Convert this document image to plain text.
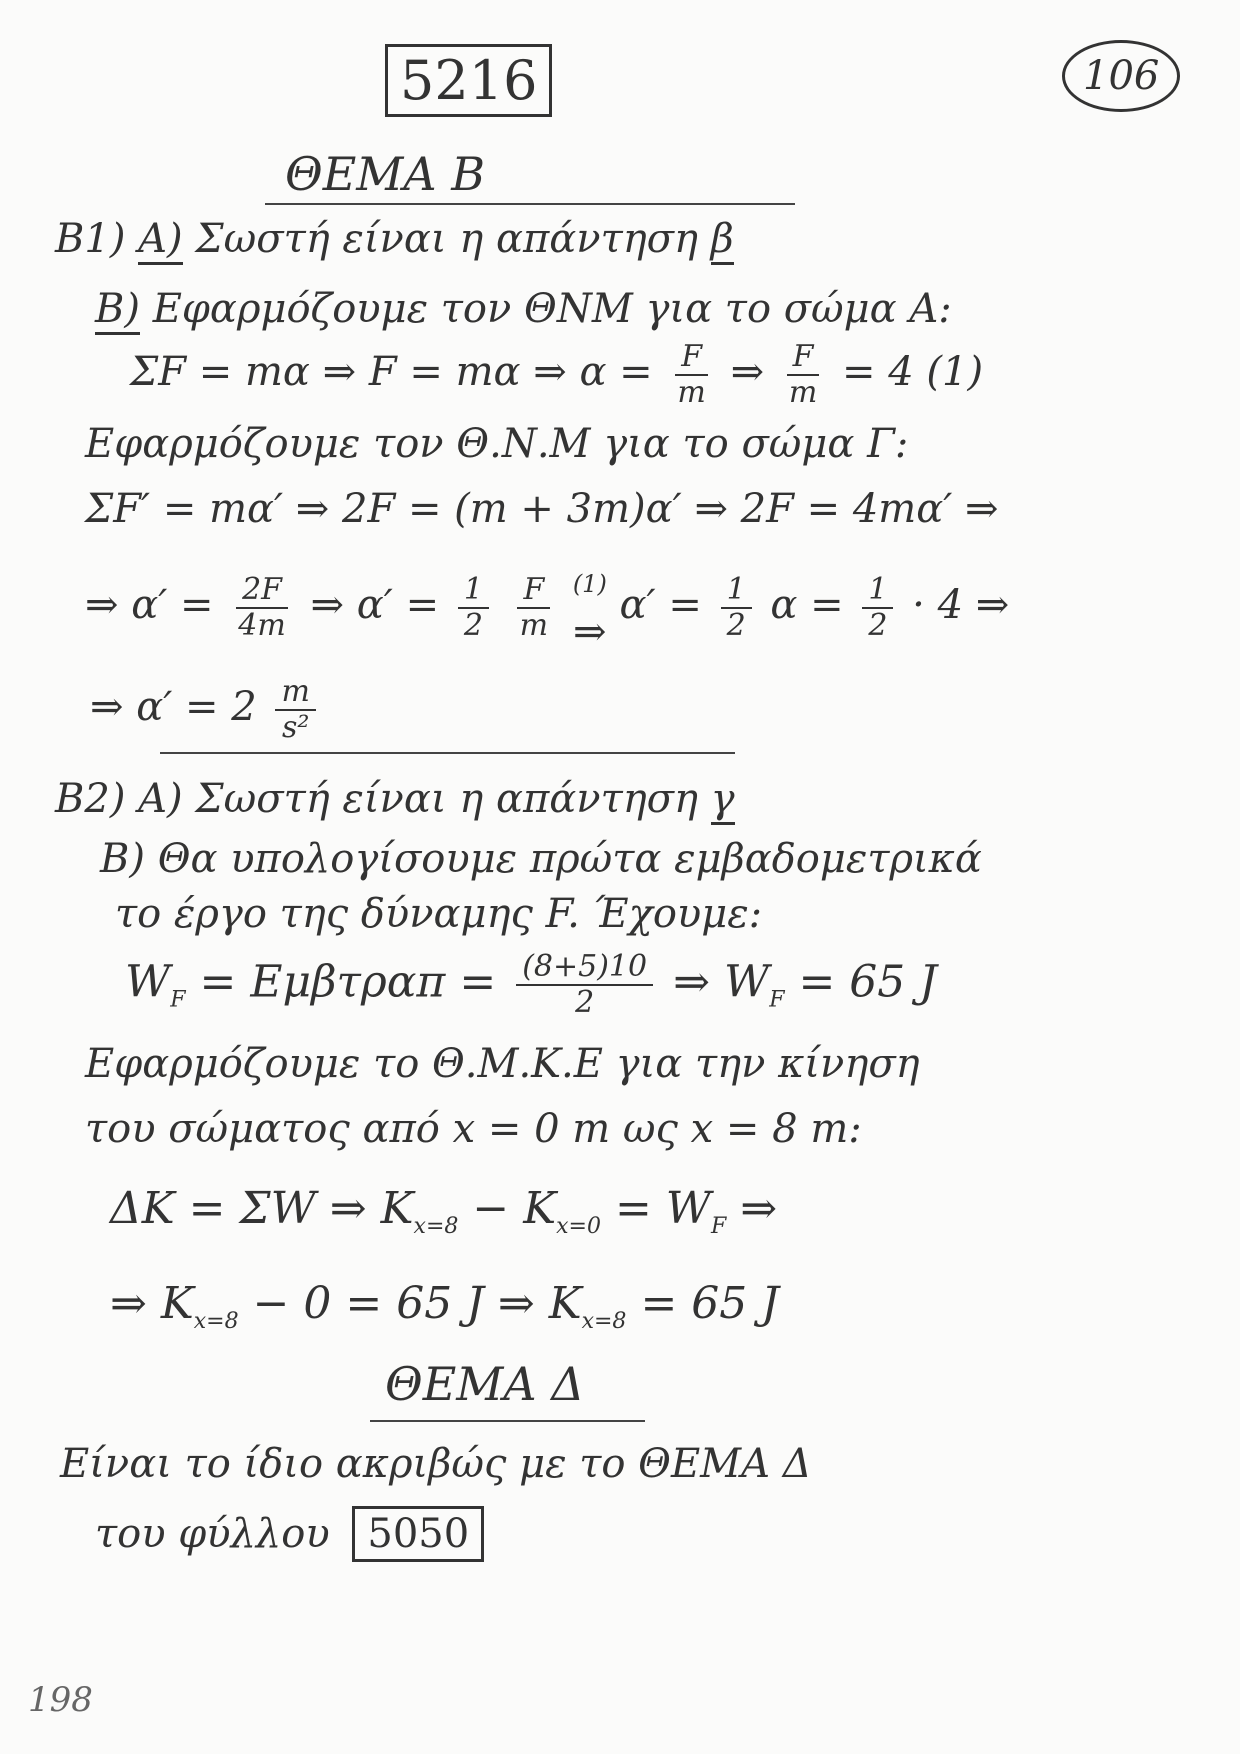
5216	106
ΘΕΜΑ Β
Β1) Α) Σωστή είναι η απάντηση β
Β) Εφαρμόζουμε τον ΘΝΜ για το σώμα Α:
ΣF = mα ⇒ F = mα ⇒ $\alpha = \frac{F}{m}$ ⇒ $\frac{F}{m} = 4$ (1)
Εφαρμόζουμε τον Θ.Ν.Μ για το σώμα Γ:
ΣF′ = mα′ ⇒ 2F = (m + 3m)α′ ⇒ 2F = 4mα′ ⇒
⇒ $\alpha' = \frac{2F}{4m}$ ⇒ $\alpha' = \frac{1}{2}$
$\frac{F}{m}$
(1)
⇒
$\alpha' = \frac{1}{2}$ $\alpha = \frac{1}{2} \cdot 4$ ⇒
⇒ $\alpha' = 2 \frac{m}{\text{s²}}$
Β2) Α) Σωστή είναι η απάντηση γ
Β) Θα υπολογίσουμε πρώτα εμβαδομετρικά
το έργο της δύναμης F. Έχουμε:
$W_F = E\mu\beta\tau\rho\alpha\pi = \frac{(8+5)10}{2}$ ⇒ $W_F = 65$ J
Εφαρμόζουμε το Θ.Μ.Κ.Ε για την κίνηση
του σώματος από x = 0 m ως x = 8 m:
ΔK = ΣW ⇒ $K_{x=8} - K_{x=0} = W_F$ ⇒
⇒ $K_{x=8} - 0 = 65$ J ⇒ $K_{x=8} = 65$ J
ΘΕΜΑ Δ
Είναι το ίδιο ακριβώς με το ΘΕΜΑ Δ
του φύλλου 5050
198
